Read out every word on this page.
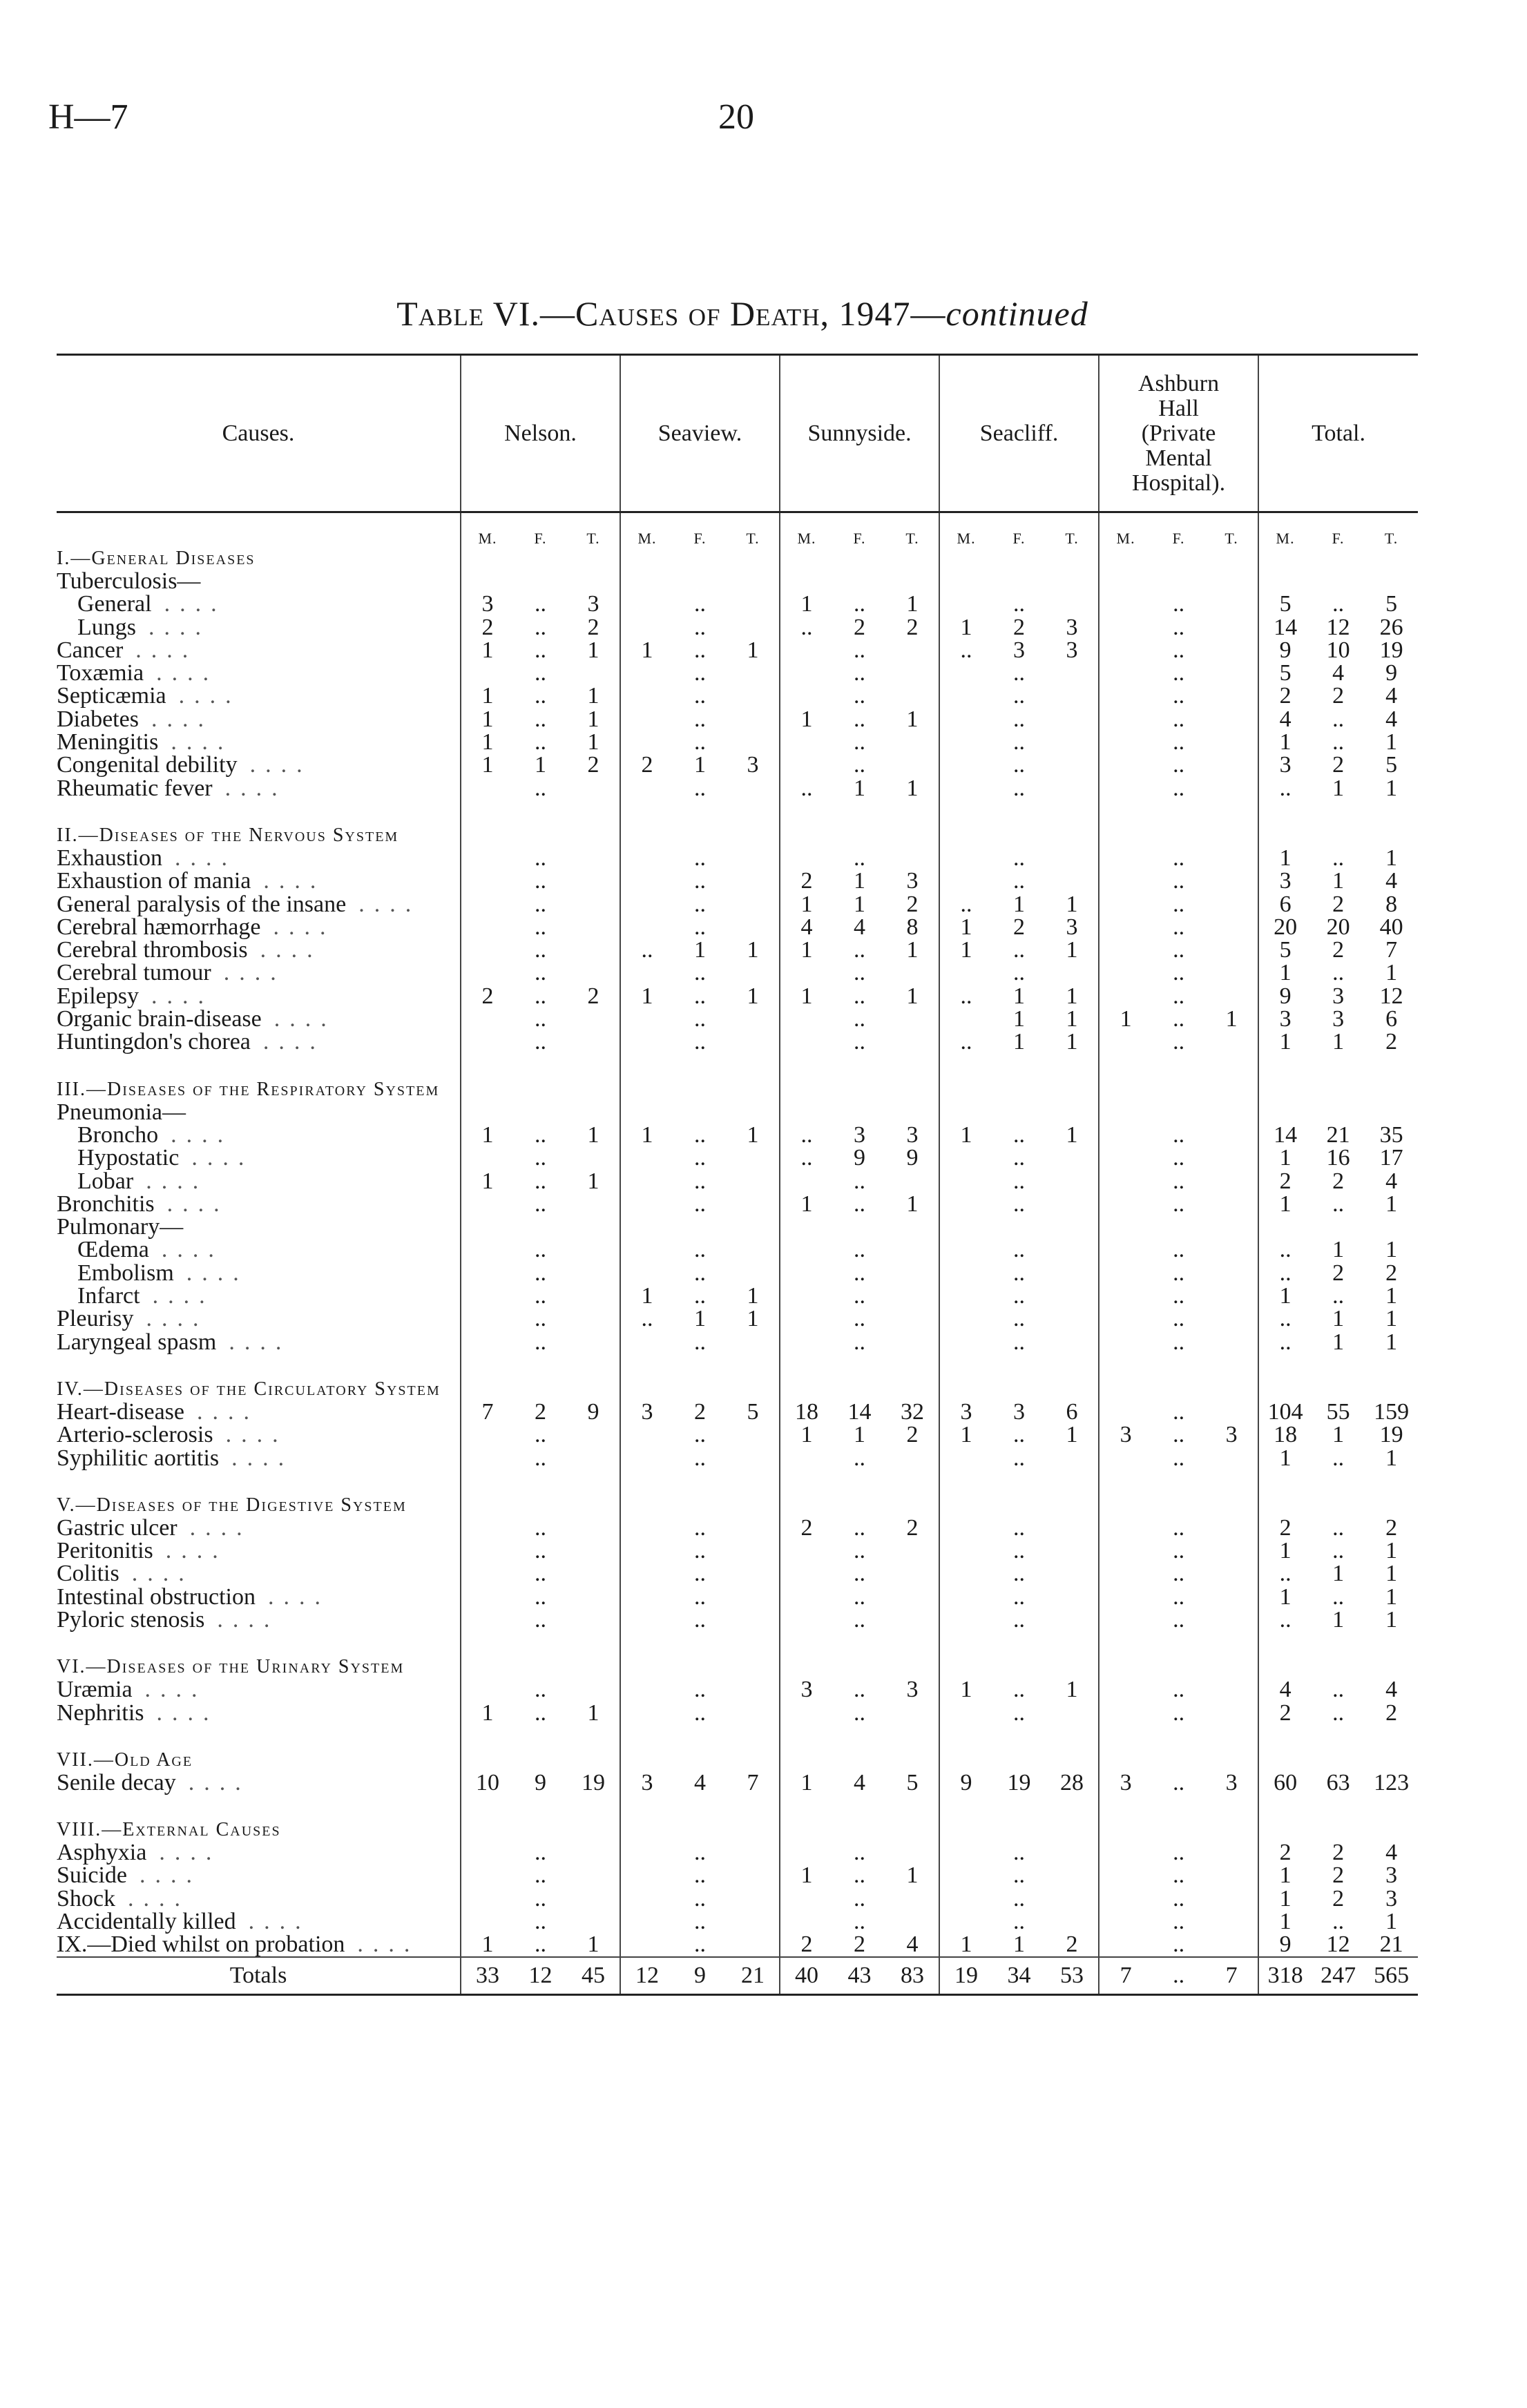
H—7	20
Table VI.—Causes of Death, 1947—continued
Causes.	Nelson.			Seaview.			Sunnyside.			Seacliff.			Ashburn Hall (Private Mental Hospital).			Total.		
	M.	F.	T.	M.	F.	T.	M.	F.	T.	M.	F.	T.	M.	F.	T.	M.	F.	T.
I.—General Diseases																		
Tuberculosis—																		
General ....	3	..	3		..		1	..	1		..			..		5	..	5
Lungs ....	2	..	2		..		..	2	2	1	2	3		..		14	12	26
Cancer ....	1	..	1	1	..	1		..		..	3	3		..		9	10	19
Toxæmia ....		..			..			..			..			..		5	4	9
Septicæmia ....	1	..	1		..			..			..			..		2	2	4
Diabetes ....	1	..	1		..		1	..	1		..			..		4	..	4
Meningitis ....	1	..	1		..			..			..			..		1	..	1
Congenital debility ....	1	1	2	2	1	3		..			..			..		3	2	5
Rheumatic fever ....		..			..		..	1	1		..			..		..	1	1

II.—Diseases of the Nervous System																		
Exhaustion ....		..			..			..			..			..		1	..	1
Exhaustion of mania ....		..			..		2	1	3		..			..		3	1	4
General paralysis of the insane ....		..			..		1	1	2	..	1	1		..		6	2	8
Cerebral hæmorrhage ....		..			..		4	4	8	1	2	3		..		20	20	40
Cerebral thrombosis ....		..		..	1	1	1	..	1	1	..	1		..		5	2	7
Cerebral tumour ....		..			..			..			..			..		1	..	1
Epilepsy ....	2	..	2	1	..	1	1	..	1	..	1	1		..		9	3	12
Organic brain-disease ....		..			..			..			1	1	1	..	1	3	3	6
Huntingdon's chorea ....		..			..			..		..	1	1		..		1	1	2

III.—Diseases of the Respiratory System																		
Pneumonia—																		
Broncho ....	1	..	1	1	..	1	..	3	3	1	..	1		..		14	21	35
Hypostatic ....		..			..		..	9	9		..			..		1	16	17
Lobar ....	1	..	1		..			..			..			..		2	2	4
Bronchitis ....		..			..		1	..	1		..			..		1	..	1
Pulmonary—																		
Œdema ....		..			..			..			..			..		..	1	1
Embolism ....		..			..			..			..			..		..	2	2
Infarct ....		..		1	..	1		..			..			..		1	..	1
Pleurisy ....		..		..	1	1		..			..			..		..	1	1
Laryngeal spasm ....		..			..			..			..			..		..	1	1

IV.—Diseases of the Circulatory System																		
Heart-disease ....	7	2	9	3	2	5	18	14	32	3	3	6		..		104	55	159
Arterio-sclerosis ....		..			..		1	1	2	1	..	1	3	..	3	18	1	19
Syphilitic aortitis ....		..			..			..			..			..		1	..	1

V.—Diseases of the Digestive System																		
Gastric ulcer ....		..			..		2	..	2		..			..		2	..	2
Peritonitis ....		..			..			..			..			..		1	..	1
Colitis ....		..			..			..			..			..		..	1	1
Intestinal obstruction ....		..			..			..			..			..		1	..	1
Pyloric stenosis ....		..			..			..			..			..		..	1	1

VI.—Diseases of the Urinary System																		
Uræmia ....		..			..		3	..	3	1	..	1		..		4	..	4
Nephritis ....	1	..	1		..			..			..			..		2	..	2

VII.—Old Age																		
Senile decay ....	10	9	19	3	4	7	1	4	5	9	19	28	3	..	3	60	63	123

VIII.—External Causes																		
Asphyxia ....		..			..			..			..			..		2	2	4
Suicide ....		..			..		1	..	1		..			..		1	2	3
Shock ....		..			..			..			..			..		1	2	3
Accidentally killed ....		..			..			..			..			..		1	..	1
IX.—Died whilst on probation ....	1	..	1		..		2	2	4	1	1	2		..		9	12	21
Totals	33	12	45	12	9	21	40	43	83	19	34	53	7	..	7	318	247	565
